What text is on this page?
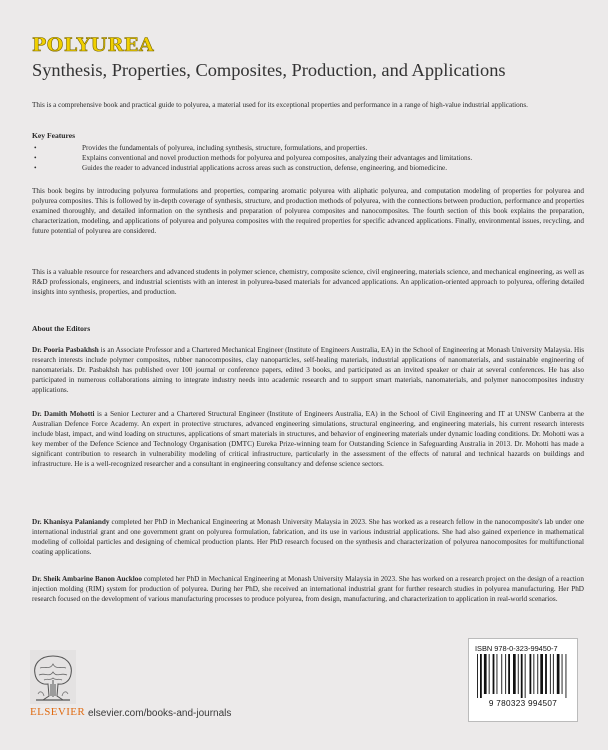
POLYUREA
Synthesis, Properties, Composites, Production, and Applications
This is a comprehensive book and practical guide to polyurea, a material used for its exceptional properties and performance in a range of high-value industrial applications.
Key Features
•	Provides the fundamentals of polyurea, including synthesis, structure, formulations, and properties.
•	Explains conventional and novel production methods for polyurea and polyurea composites, analyzing their advantages and limitations.
•	Guides the reader to advanced industrial applications across areas such as construction, defense, engineering, and biomedicine.
This book begins by introducing polyurea formulations and properties, comparing aromatic polyurea with aliphatic polyurea, and computation modeling of properties for polyurea and polyurea composites. This is followed by in-depth coverage of synthesis, structure, and production methods of polyurea, with the connections between production, performance and properties examined thoroughly, and detailed information on the synthesis and preparation of polyurea composites and nanocomposites. The fourth section of this book explains the preparation, characterization, modeling, and applications of polyurea and polyurea composites with the required properties for specific advanced applications. Finally, environmental issues, recycling, and future potential of polyurea are considered.
This is a valuable resource for researchers and advanced students in polymer science, chemistry, composite science, civil engineering, materials science, and mechanical engineering, as well as R&D professionals, engineers, and industrial scientists with an interest in polyurea-based materials for advanced applications. An application-oriented approach to polyurea, offering detailed insights into synthesis, properties, and production.
About the Editors
Dr. Pooria Pasbakhsh is an Associate Professor and a Chartered Mechanical Engineer (Institute of Engineers Australia, EA) in the School of Engineering at Monash University Malaysia. His research interests include polymer composites, rubber nanocomposites, clay nanoparticles, self-healing materials, industrial applications of nanomaterials, and sustainable engineering of nanomaterials. Dr. Pasbakhsh has published over 100 journal or conference papers, edited 3 books, and participated as an invited speaker or chair at several conferences. He has also participated in numerous collaborations aiming to integrate industry needs into academic research and to support smart materials, nanomaterials, and polymer nanocomposites industry applications.
Dr. Damith Mohotti is a Senior Lecturer and a Chartered Structural Engineer (Institute of Engineers Australia, EA) in the School of Civil Engineering and IT at UNSW Canberra at the Australian Defence Force Academy. An expert in protective structures, advanced engineering simulations, structural engineering, and engineering materials, his current research interests include blast, impact, and wind loading on structures, applications of smart materials in structures, and behavior of engineering materials under dynamic loading conditions. Dr. Mohotti was a key member of the Defence Science and Technology Organisation (DMTC) Eureka Prize-winning team for Outstanding Science in Safeguarding Australia in 2013. Dr. Mohotti has made a significant contribution to research in vulnerability modeling of critical infrastructure, particularly in the assessment of the effects of natural and technical hazards on buildings and infrastructure. He is a well-recognized researcher and a consultant in engineering consultancy and defense science sectors.
Dr. Khanisya Palaniandy completed her PhD in Mechanical Engineering at Monash University Malaysia in 2023. She has worked as a research fellow in the nanocomposite's lab under one international industrial grant and one government grant on polyurea formulation, fabrication, and its use in various industrial applications. She had also gained experience in mathematical modeling of colloidal particles and designing of chemical production plants. Her PhD research focused on the synthesis and characterization of polyurea nanocomposites for multifunctional coating applications.
Dr. Sheik Ambarine Banon Auckloo completed her PhD in Mechanical Engineering at Monash University Malaysia in 2023. She has worked on a research project on the design of a reaction injection molding (RIM) system for production of polyurea. During her PhD, she received an international industrial grant for further research studies in polyurea manufacturing. Her PhD research focused on the development of various manufacturing processes to produce polyurea, from design, manufacturing, and characterization to application in real-world scenarios.
ELSEVIER elsevier.com/books-and-journals
ISBN 978-0-323-99450-7
9 780323 994507
